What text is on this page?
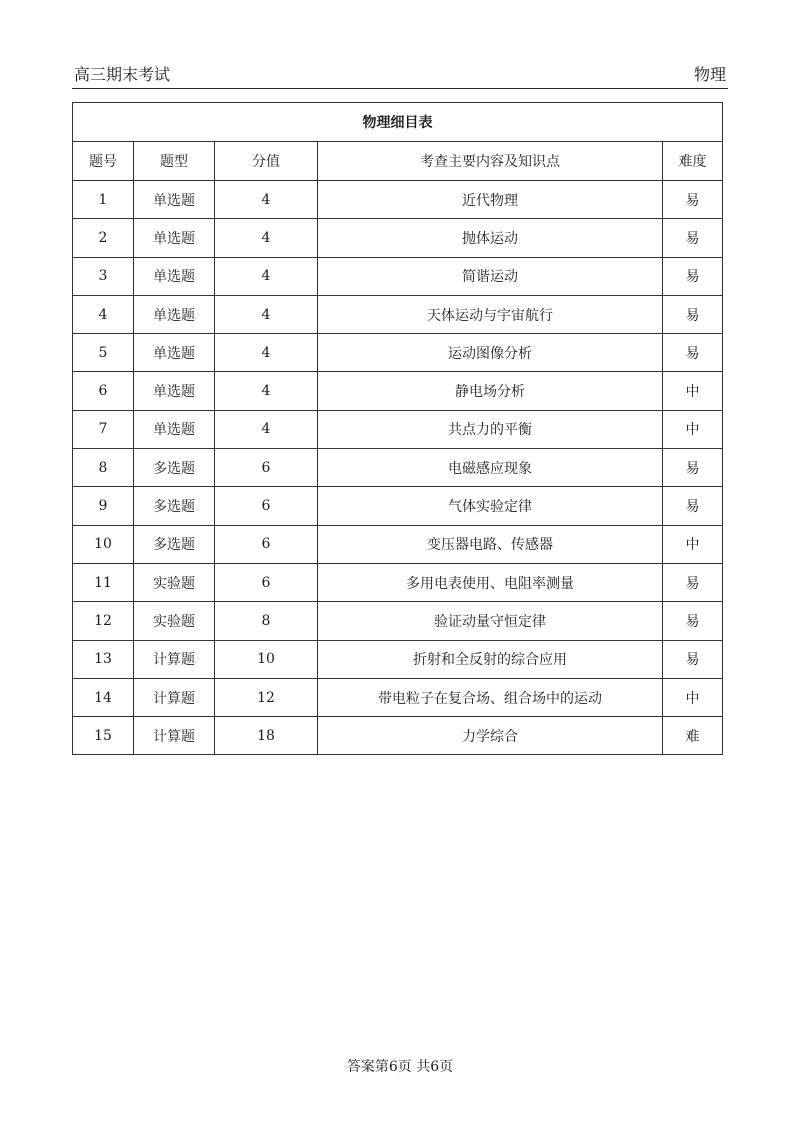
高三期末考试	物理
物理细目表				
题号	题型	分值	考查主要内容及知识点	难度
1	单选题	4	近代物理	易
2	单选题	4	抛体运动	易
3	单选题	4	简谐运动	易
4	单选题	4	天体运动与宇宙航行	易
5	单选题	4	运动图像分析	易
6	单选题	4	静电场分析	中
7	单选题	4	共点力的平衡	中
8	多选题	6	电磁感应现象	易
9	多选题	6	气体实验定律	易
10	多选题	6	变压器电路、传感器	中
11	实验题	6	多用电表使用、电阻率测量	易
12	实验题	8	验证动量守恒定律	易
13	计算题	10	折射和全反射的综合应用	易
14	计算题	12	带电粒子在复合场、组合场中的运动	中
15	计算题	18	力学综合	难
答案第6页 共6页
